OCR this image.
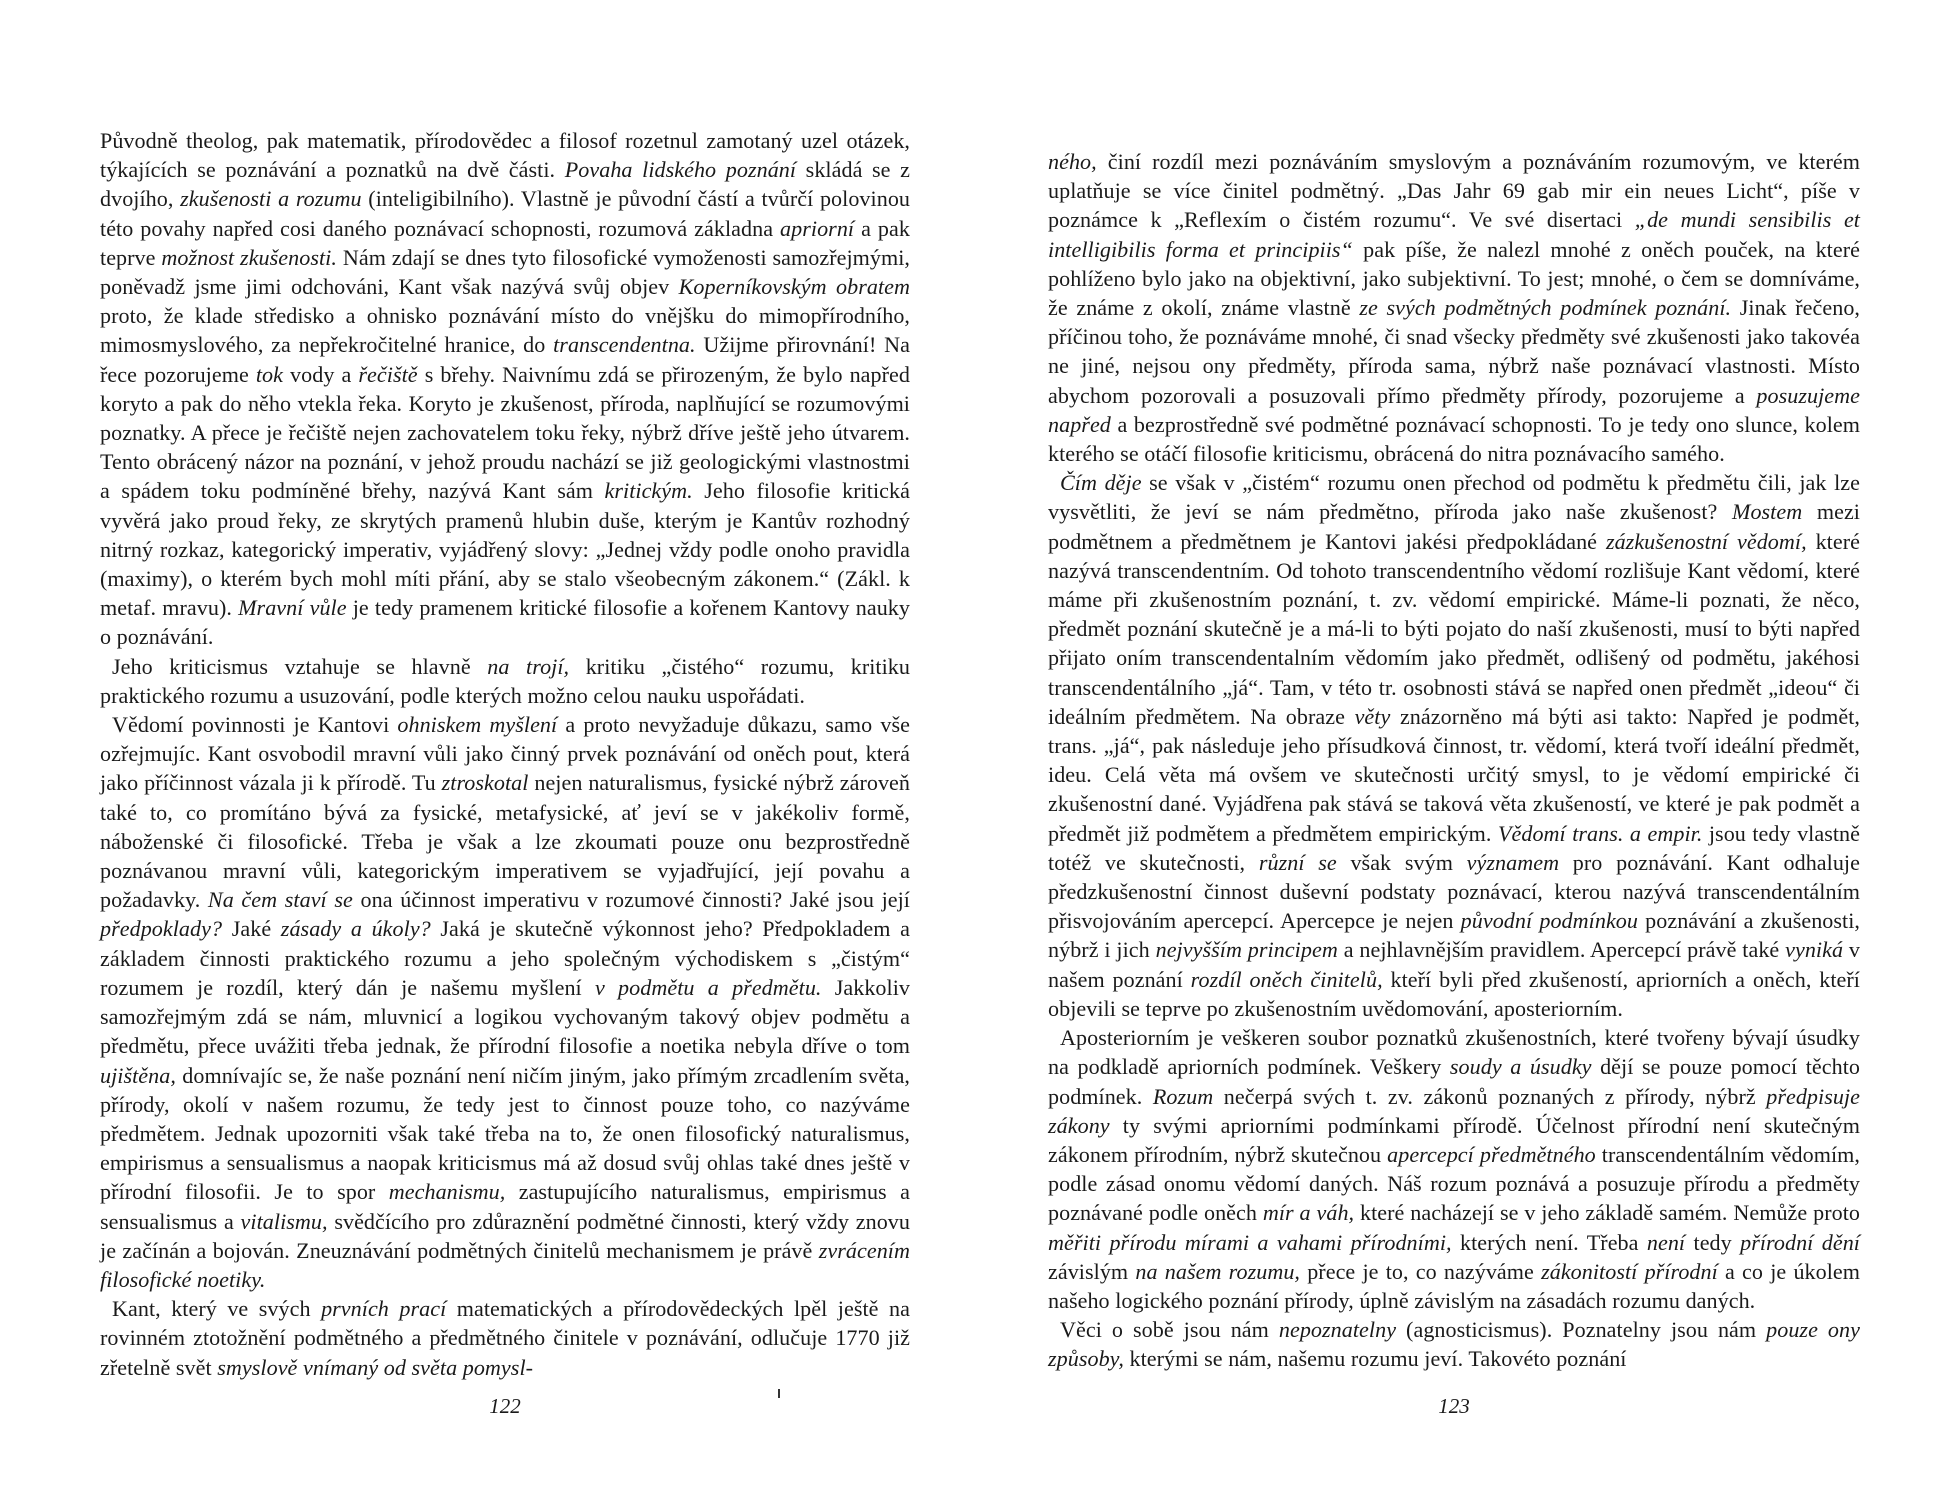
Původně theolog, pak matematik, přírodovědec a filosof rozetnul zamotaný uzel otázek, týkajících se poznávání a poznatků na dvě části. Povaha lidského poznání skládá se z dvojího, zkušenosti a rozumu (inteligibilního). Vlastně je původní částí a tvůrčí polovinou této povahy napřed cosi daného poznávací schopnosti, rozumová základna apriorní a pak teprve možnost zkušenosti. Nám zdají se dnes tyto filosofické vymoženosti samozřejmými, poněvadž jsme jimi odchováni, Kant však nazývá svůj objev Koperníkovským obratem proto, že klade středisko a ohnisko poznávání místo do vnějšku do mimopřírodního, mimosmyslového, za nepřekročitelné hranice, do transcendentna. Užijme přirovnání! Na řece pozorujeme tok vody a řečiště s břehy. Naivnímu zdá se přirozeným, že bylo napřed koryto a pak do něho vtekla řeka. Koryto je zkušenost, příroda, naplňující se rozumovými poznatky. A přece je řečiště nejen zachovatelem toku řeky, nýbrž dříve ještě jeho útvarem. Tento obrácený názor na poznání, v jehož proudu nachází se již geologickými vlastnostmi a spádem toku podmíněné břehy, nazývá Kant sám kritickým. Jeho filosofie kritická vyvěrá jako proud řeky, ze skrytých pramenů hlubin duše, kterým je Kantův rozhodný nitrný rozkaz, kategorický imperativ, vyjádřený slovy: „Jednej vždy podle onoho pravidla (maximy), o kterém bych mohl míti přání, aby se stalo všeobecným zákonem.“ (Zákl. k metaf. mravu). Mravní vůle je tedy pramenem kritické filosofie a kořenem Kantovy nauky o poznávání.

Jeho kriticismus vztahuje se hlavně na trojí, kritiku „čistého“ rozumu, kritiku praktického rozumu a usuzování, podle kterých možno celou nauku uspořádati.

Vědomí povinnosti je Kantovi ohniskem myšlení a proto nevyžaduje důkazu, samo vše ozřejmujíc. Kant osvobodil mravní vůli jako činný prvek poznávání od oněch pout, která jako příčinnost vázala ji k přírodě. Tu ztroskotal nejen naturalismus, fysické nýbrž zároveň také to, co promítáno bývá za fysické, metafysické, ať jeví se v jakékoliv formě, náboženské či filosofické. Třeba je však a lze zkoumati pouze onu bezprostředně poznávanou mravní vůli, kategorickým imperativem se vyjadřující, její povahu a požadavky. Na čem staví se ona účinnost imperativu v rozumové činnosti? Jaké jsou její předpoklady? Jaké zásady a úkoly? Jaká je skutečně výkonnost jeho? Předpokladem a základem činnosti praktického rozumu a jeho společným východiskem s „čistým“ rozumem je rozdíl, který dán je našemu myšlení v podmětu a předmětu. Jakkoliv samozřejmým zdá se nám, mluvnicí a logikou vychovaným takový objev podmětu a předmětu, přece uvážiti třeba jednak, že přírodní filosofie a noetika nebyla dříve o tom ujištěna, domnívajíc se, že naše poznání není ničím jiným, jako přímým zrcadlením světa, přírody, okolí v našem rozumu, že tedy jest to činnost pouze toho, co nazýváme předmětem. Jednak upozorniti však také třeba na to, že onen filosofický naturalismus, empirismus a sensualismus a naopak kriticismus má až dosud svůj ohlas také dnes ještě v přírodní filosofii. Je to spor mechanismu, zastupujícího naturalismus, empirismus a sensualismus a vitalismu, svědčícího pro zdůraznění podmětné činnosti, který vždy znovu je začínán a bojován. Zneuznávání podmětných činitelů mechanismem je právě zvrácením filosofické noetiky.

Kant, který ve svých prvních prací matematických a přírodovědeckých lpěl ještě na rovinném ztotožnění podmětného a předmětného činitele v poznávání, odlučuje 1770 již zřetelně svět smyslově vnímaný od světa pomysl-

122

ného, činí rozdíl mezi poznáváním smyslovým a poznáváním rozumovým, ve kterém uplatňuje se více činitel podmětný. „Das Jahr 69 gab mir ein neues Licht“, píše v poznámce k „Reflexím o čistém rozumu“. Ve své disertaci „de mundi sensibilis et intelligibilis forma et principiis“ pak píše, že nalezl mnohé z oněch pouček, na které pohlíženo bylo jako na objektivní, jako subjektivní. To jest; mnohé, o čem se domníváme, že známe z okolí, známe vlastně ze svých podmětných podmínek poznání. Jinak řečeno, příčinou toho, že poznáváme mnohé, či snad všecky předměty své zkušenosti jako takovéa ne jiné, nejsou ony předměty, příroda sama, nýbrž naše poznávací vlastnosti. Místo abychom pozorovali a posuzovali přímo předměty přírody, pozorujeme a posuzujeme napřed a bezprostředně své podmětné poznávací schopnosti. To je tedy ono slunce, kolem kterého se otáčí filosofie kriticismu, obrácená do nitra poznávacího samého.

Čím děje se však v „čistém“ rozumu onen přechod od podmětu k předmětu čili, jak lze vysvětliti, že jeví se nám předmětno, příroda jako naše zkušenost? Mostem mezi podmětnem a předmětnem je Kantovi jakési předpokládané zázkušenostní vědomí, které nazývá transcendentním. Od tohoto transcendentního vědomí rozlišuje Kant vědomí, které máme při zkušenostním poznání, t. zv. vědomí empirické. Máme-li poznati, že něco, předmět poznání skutečně je a má-li to býti pojato do naší zkušenosti, musí to býti napřed přijato oním transcendentalním vědomím jako předmět, odlišený od podmětu, jakéhosi transcendentálního „já“. Tam, v této tr. osobnosti stává se napřed onen předmět „ideou“ či ideálním předmětem. Na obraze věty znázorněno má býti asi takto: Napřed je podmět, trans. „já“, pak následuje jeho přísudková činnost, tr. vědomí, která tvoří ideální předmět, ideu. Celá věta má ovšem ve skutečnosti určitý smysl, to je vědomí empirické či zkušenostní dané. Vyjádřena pak stává se taková věta zkušeností, ve které je pak podmět a předmět již podmětem a předmětem empirickým. Vědomí trans. a empir. jsou tedy vlastně totéž ve skutečnosti, různí se však svým významem pro poznávání. Kant odhaluje předzkušenostní činnost duševní podstaty poznávací, kterou nazývá transcendentálním přisvojováním apercepcí. Apercepce je nejen původní podmínkou poznávání a zkušenosti, nýbrž i jich nejvyšším principem a nejhlavnějším pravidlem. Apercepcí právě také vyniká v našem poznání rozdíl oněch činitelů, kteří byli před zkušeností, apriorních a oněch, kteří objevili se teprve po zkušenostním uvědomování, aposteriorním.

Aposteriorním je veškeren soubor poznatků zkušenostních, které tvořeny bývají úsudky na podkladě apriorních podmínek. Veškery soudy a úsudky dějí se pouze pomocí těchto podmínek. Rozum nečerpá svých t. zv. zákonů poznaných z přírody, nýbrž předpisuje zákony ty svými apriorními podmínkami přírodě. Účelnost přírodní není skutečným zákonem přírodním, nýbrž skutečnou apercepcí předmětného transcendentálním vědomím, podle zásad onomu vědomí daných. Náš rozum poznává a posuzuje přírodu a předměty poznávané podle oněch mír a váh, které nacházejí se v jeho základě samém. Nemůže proto měřiti přírodu mírami a vahami přírodními, kterých není. Třeba není tedy přírodní dění závislým na našem rozumu, přece je to, co nazýváme zákonitostí přírodní a co je úkolem našeho logického poznání přírody, úplně závislým na zásadách rozumu daných.

Věci o sobě jsou nám nepoznatelny (agnosticismus). Poznatelny jsou nám pouze ony způsoby, kterými se nám, našemu rozumu jeví. Takovéto poznání

123
